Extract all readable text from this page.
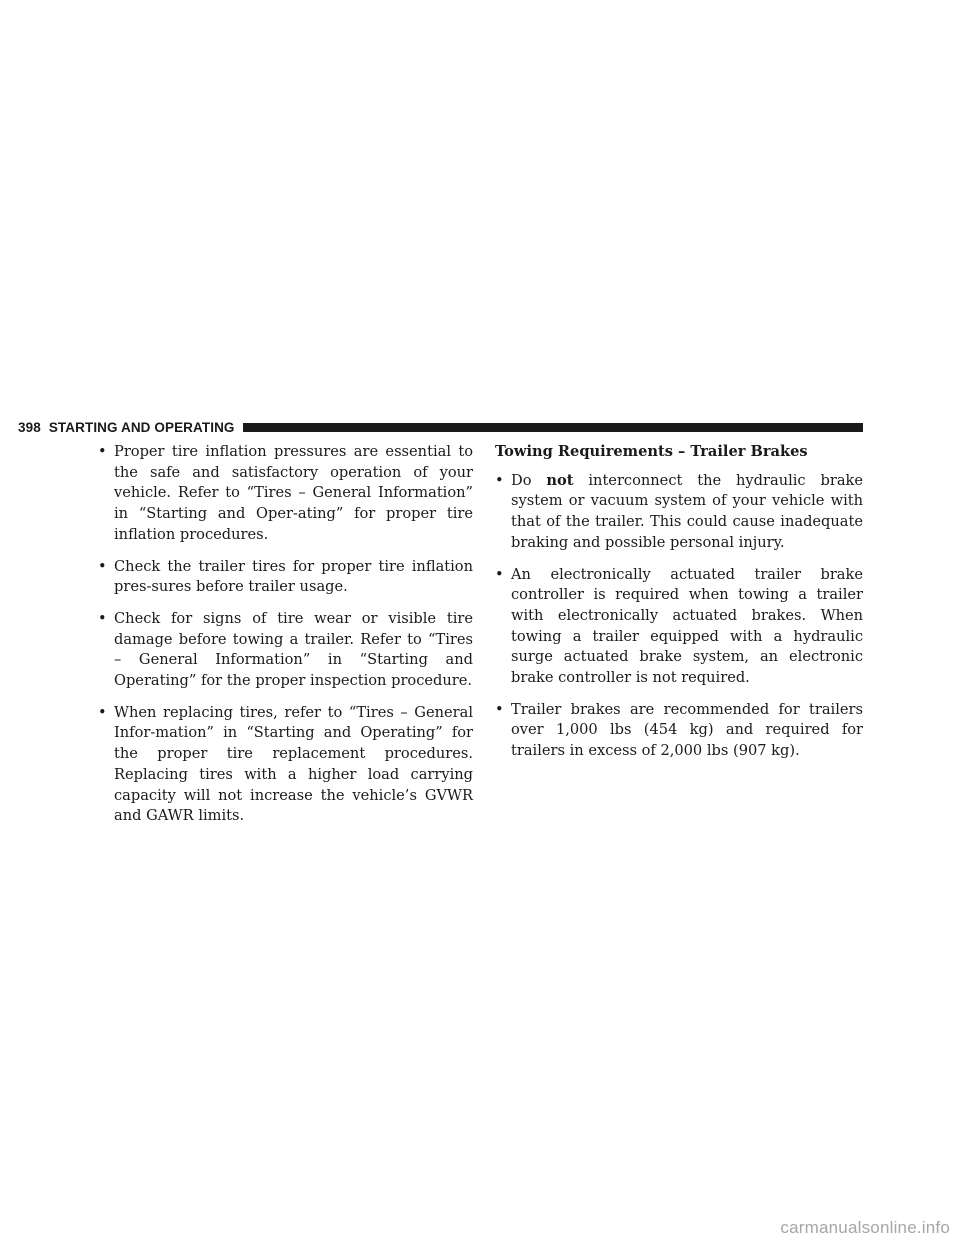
398 STARTING AND OPERATING
• Proper tire inflation pressures are essential to the safe and satisfactory operation of your vehicle. Refer to “Tires – General Information” in “Starting and Oper-ating” for proper tire inflation procedures.
• Check the trailer tires for proper tire inflation pres-sures before trailer usage.
• Check for signs of tire wear or visible tire damage before towing a trailer. Refer to “Tires – General Information” in “Starting and Operating” for the proper inspection procedure.
• When replacing tires, refer to “Tires – General Infor-mation” in “Starting and Operating” for the proper tire replacement procedures. Replacing tires with a higher load carrying capacity will not increase the vehicle’s GVWR and GAWR limits.
Towing Requirements – Trailer Brakes
• Do not interconnect the hydraulic brake system or vacuum system of your vehicle with that of the trailer. This could cause inadequate braking and possible personal injury.
• An electronically actuated trailer brake controller is required when towing a trailer with electronically actuated brakes. When towing a trailer equipped with a hydraulic surge actuated brake system, an electronic brake controller is not required.
• Trailer brakes are recommended for trailers over 1,000 lbs (454 kg) and required for trailers in excess of 2,000 lbs (907 kg).
carmanualsonline.info
